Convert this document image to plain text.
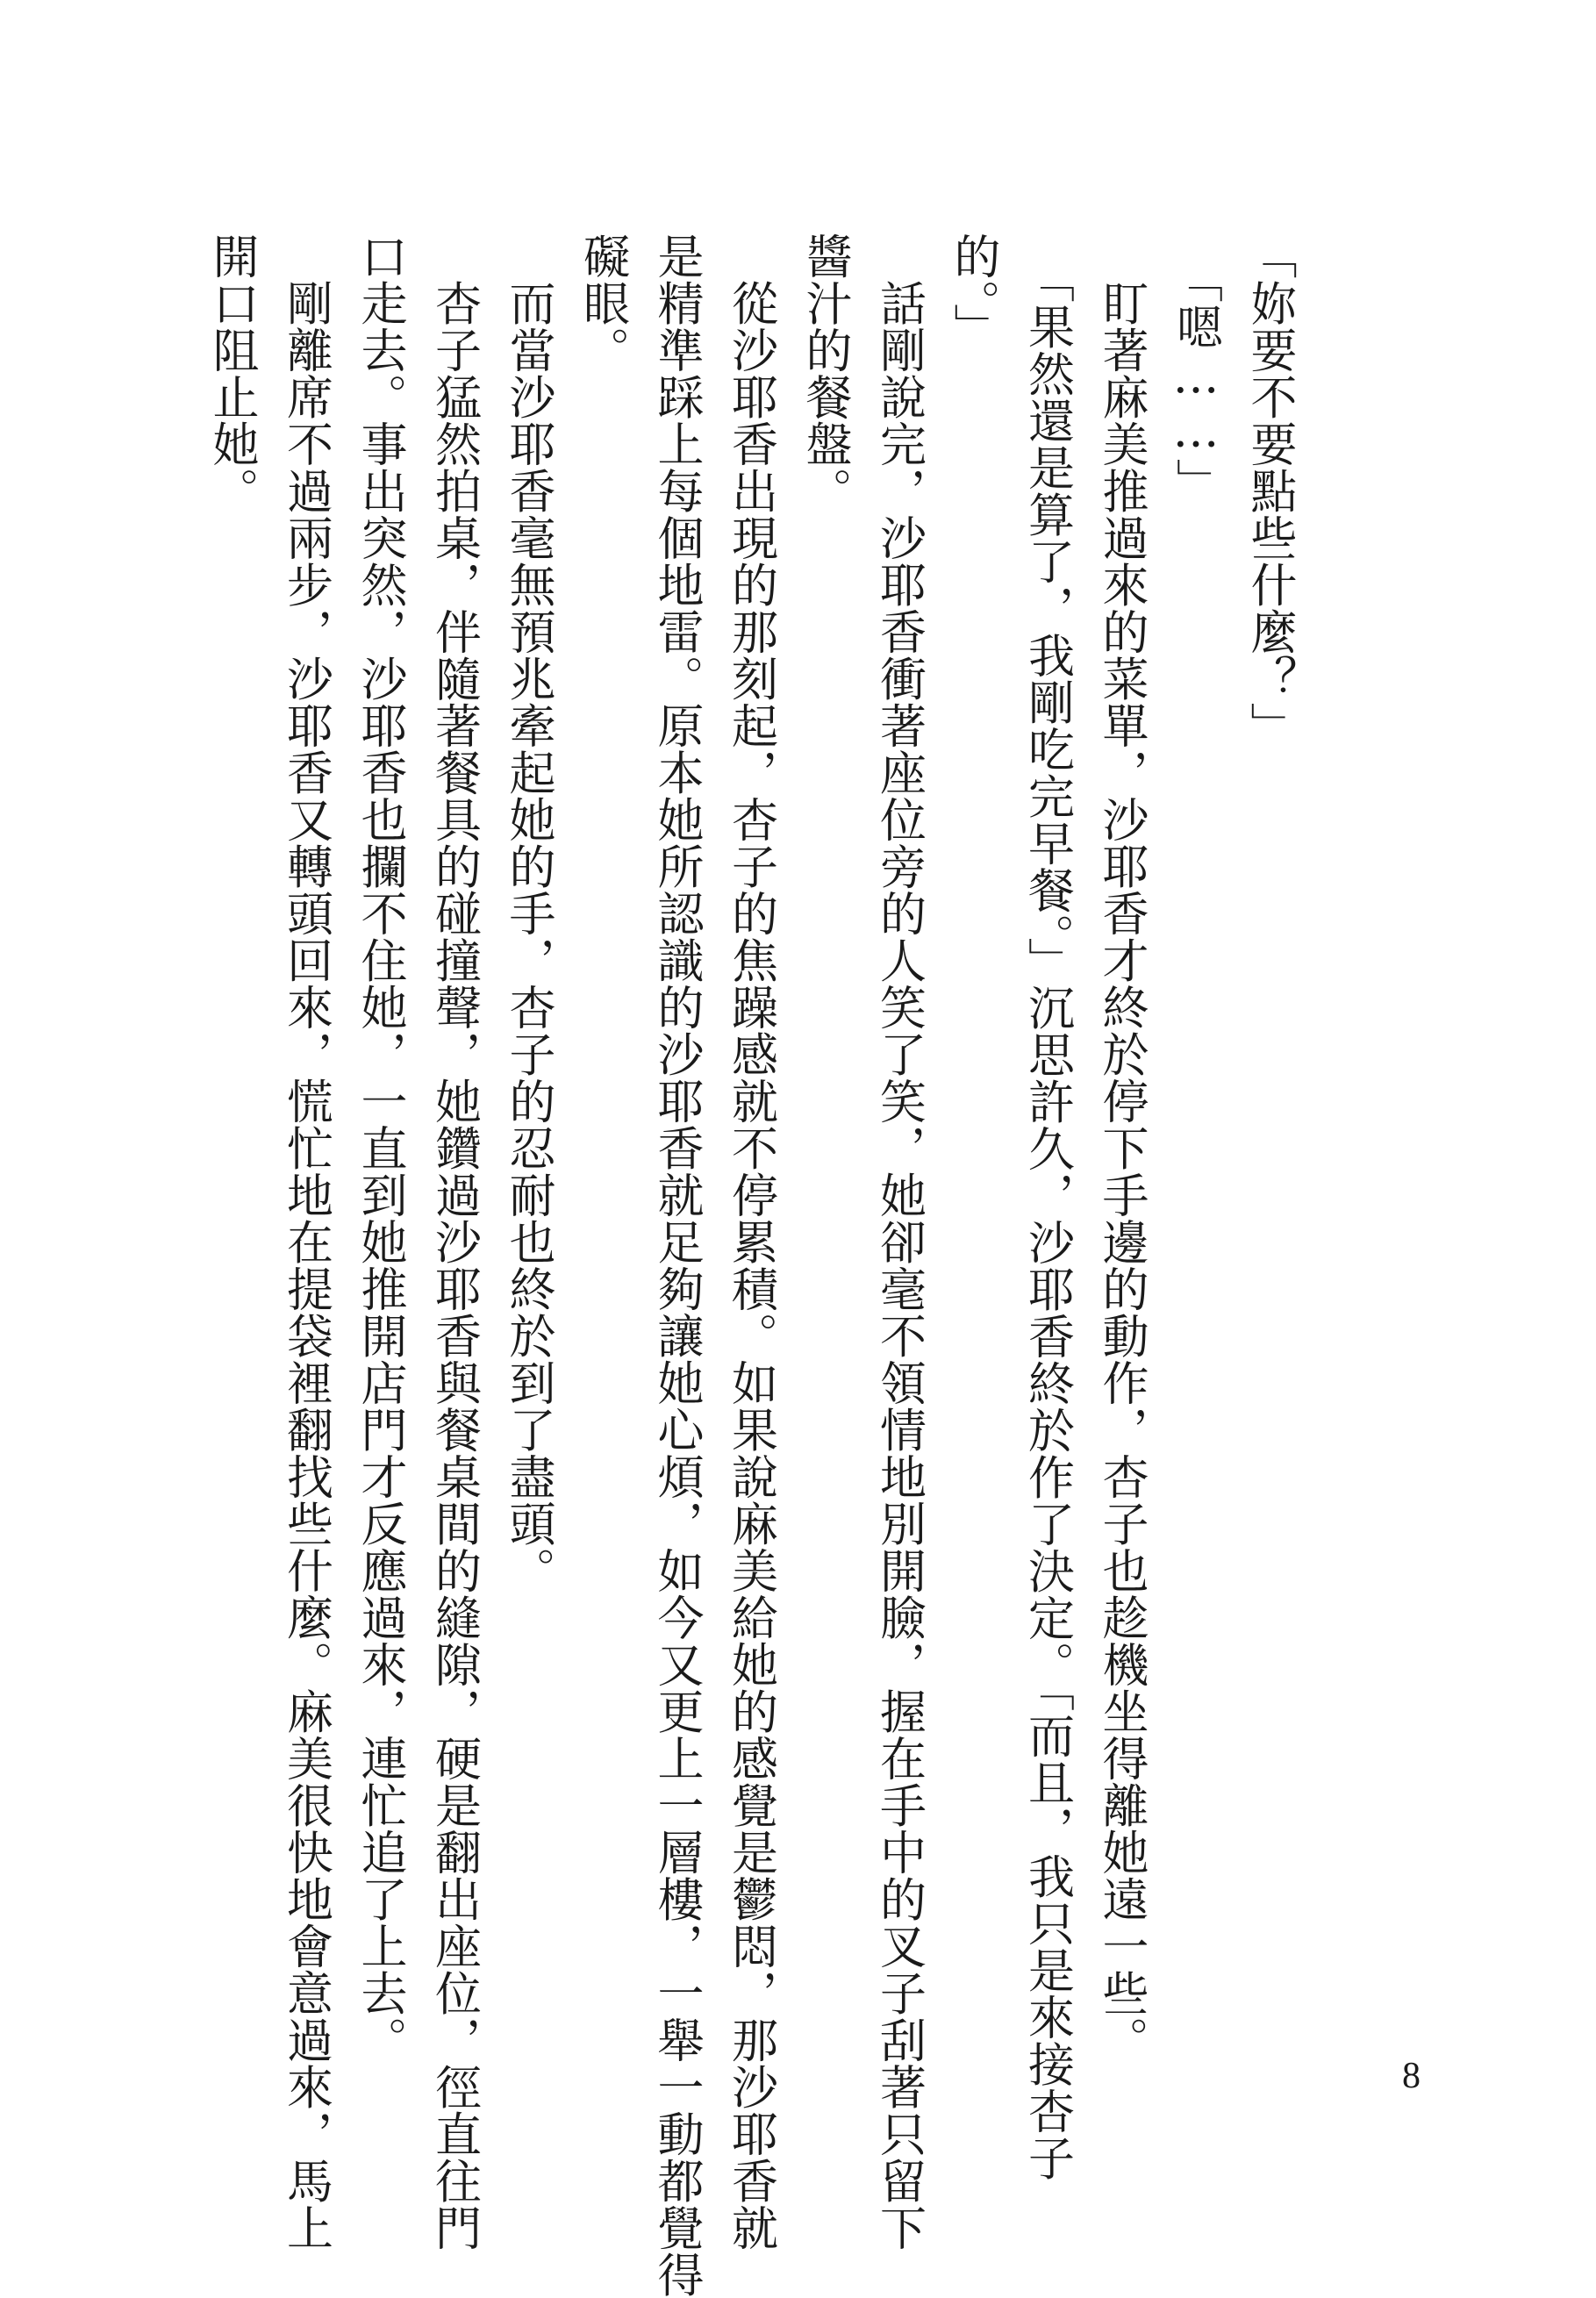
「妳要不要點些什麼？」

　「嗯……」

　盯著麻美推過來的菜單，沙耶香才終於停下手邊的動作，杏子也趁機坐得離她遠一些。

　「果然還是算了，我剛吃完早餐。」沉思許久，沙耶香終於作了決定。「而且，我只是來接杏子

的。」

　話剛說完，沙耶香衝著座位旁的人笑了笑，她卻毫不領情地別開臉，握在手中的叉子刮著只留下

醬汁的餐盤。

　從沙耶香出現的那刻起，杏子的焦躁感就不停累積。如果說麻美給她的感覺是鬱悶，那沙耶香就

是精準踩上每個地雷。原本她所認識的沙耶香就足夠讓她心煩，如今又更上一層樓，一舉一動都覺得

礙眼。

　而當沙耶香毫無預兆牽起她的手，杏子的忍耐也終於到了盡頭。

　杏子猛然拍桌，伴隨著餐具的碰撞聲，她鑽過沙耶香與餐桌間的縫隙，硬是翻出座位，徑直往門

口走去。事出突然，沙耶香也攔不住她，一直到她推開店門才反應過來，連忙追了上去。

　剛離席不過兩步，沙耶香又轉頭回來，慌忙地在提袋裡翻找些什麼。麻美很快地會意過來，馬上

開口阻止她。

8
